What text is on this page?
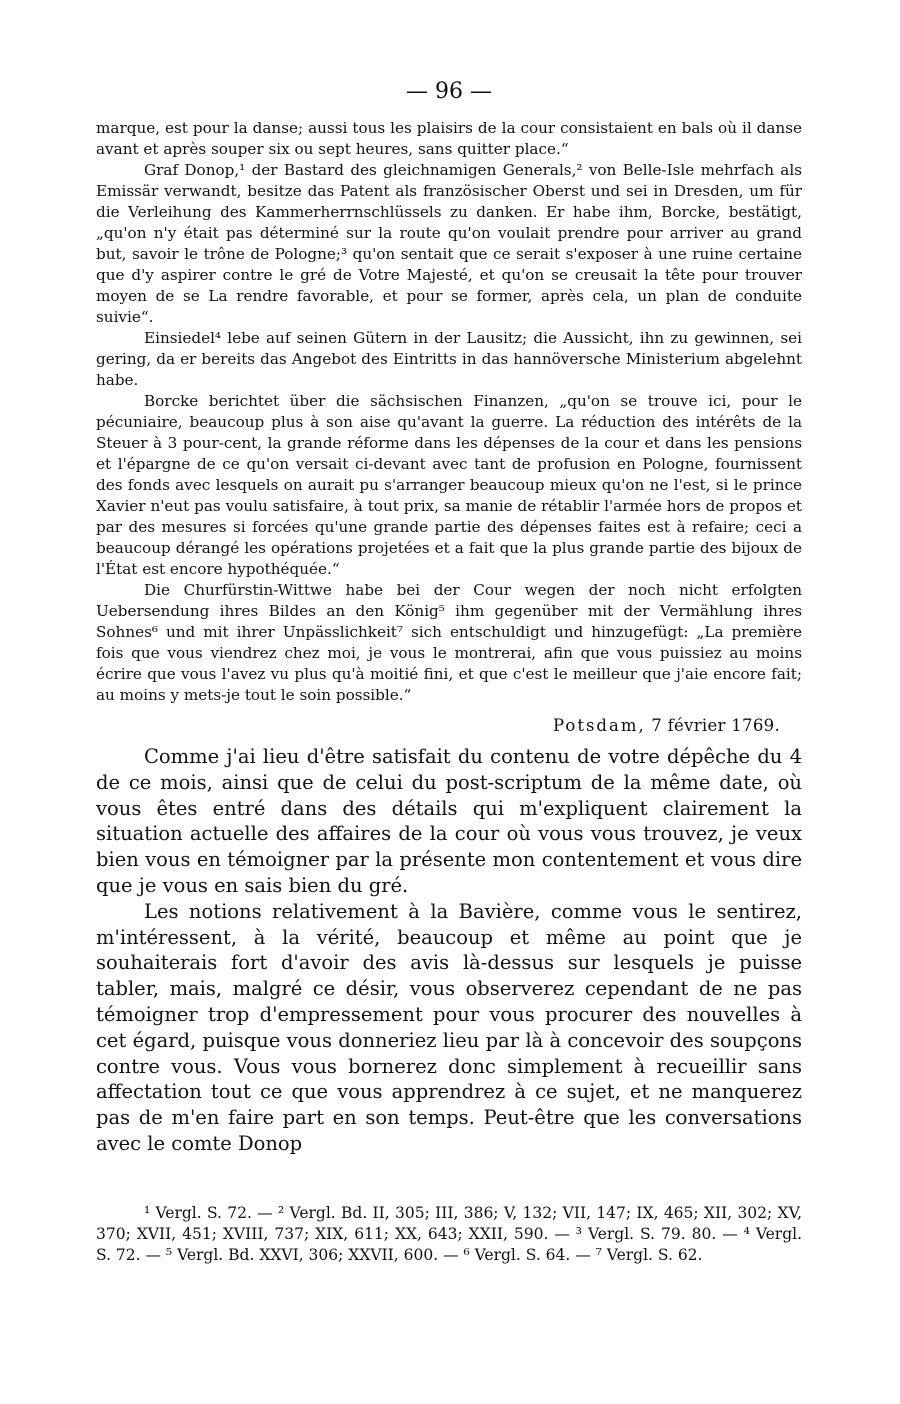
— 96 —

marque, est pour la danse; aussi tous les plaisirs de la cour consistaient en bals où il danse avant et après souper six ou sept heures, sans quitter place.“

Graf Donop,¹ der Bastard des gleichnamigen Generals,² von Belle-Isle mehrfach als Emissär verwandt, besitze das Patent als französischer Oberst und sei in Dresden, um für die Verleihung des Kammerherrnschlüssels zu danken. Er habe ihm, Borcke, bestätigt, „qu'on n'y était pas déterminé sur la route qu'on voulait prendre pour arriver au grand but, savoir le trône de Pologne;³ qu'on sentait que ce serait s'exposer à une ruine certaine que d'y aspirer contre le gré de Votre Majesté, et qu'on se creusait la tête pour trouver moyen de se La rendre favorable, et pour se former, après cela, un plan de conduite suivie“.

Einsiedel⁴ lebe auf seinen Gütern in der Lausitz; die Aussicht, ihn zu gewinnen, sei gering, da er bereits das Angebot des Eintritts in das hannöversche Ministerium abgelehnt habe.

Borcke berichtet über die sächsischen Finanzen, „qu'on se trouve ici, pour le pécuniaire, beaucoup plus à son aise qu'avant la guerre. La réduction des intérêts de la Steuer à 3 pour-cent, la grande réforme dans les dépenses de la cour et dans les pensions et l'épargne de ce qu'on versait ci-devant avec tant de profusion en Pologne, fournissent des fonds avec lesquels on aurait pu s'arranger beaucoup mieux qu'on ne l'est, si le prince Xavier n'eut pas voulu satisfaire, à tout prix, sa manie de rétablir l'armée hors de propos et par des mesures si forcées qu'une grande partie des dépenses faites est à refaire; ceci a beaucoup dérangé les opérations projetées et a fait que la plus grande partie des bijoux de l'État est encore hypothéquée.“

Die Churfürstin-Wittwe habe bei der Cour wegen der noch nicht erfolgten Uebersendung ihres Bildes an den König⁵ ihm gegenüber mit der Vermählung ihres Sohnes⁶ und mit ihrer Unpässlichkeit⁷ sich entschuldigt und hinzugefügt: „La première fois que vous viendrez chez moi, je vous le montrerai, afin que vous puissiez au moins écrire que vous l'avez vu plus qu'à moitié fini, et que c'est le meilleur que j'aie encore fait; au moins y mets-je tout le soin possible.“

Potsdam, 7 février 1769.

Comme j'ai lieu d'être satisfait du contenu de votre dépêche du 4 de ce mois, ainsi que de celui du post-scriptum de la même date, où vous êtes entré dans des détails qui m'expliquent clairement la situation actuelle des affaires de la cour où vous vous trouvez, je veux bien vous en témoigner par la présente mon contentement et vous dire que je vous en sais bien du gré.

Les notions relativement à la Bavière, comme vous le sentirez, m'intéressent, à la vérité, beaucoup et même au point que je souhaiterais fort d'avoir des avis là-dessus sur lesquels je puisse tabler, mais, malgré ce désir, vous observerez cependant de ne pas témoigner trop d'empressement pour vous procurer des nouvelles à cet égard, puisque vous donneriez lieu par là à concevoir des soupçons contre vous. Vous vous bornerez donc simplement à recueillir sans affectation tout ce que vous apprendrez à ce sujet, et ne manquerez pas de m'en faire part en son temps. Peut-être que les conversations avec le comte Donop

¹ Vergl. S. 72. — ² Vergl. Bd. II, 305; III, 386; V, 132; VII, 147; IX, 465; XII, 302; XV, 370; XVII, 451; XVIII, 737; XIX, 611; XX, 643; XXII, 590. — ³ Vergl. S. 79. 80. — ⁴ Vergl. S. 72. — ⁵ Vergl. Bd. XXVI, 306; XXVII, 600. — ⁶ Vergl. S. 64. — ⁷ Vergl. S. 62.
